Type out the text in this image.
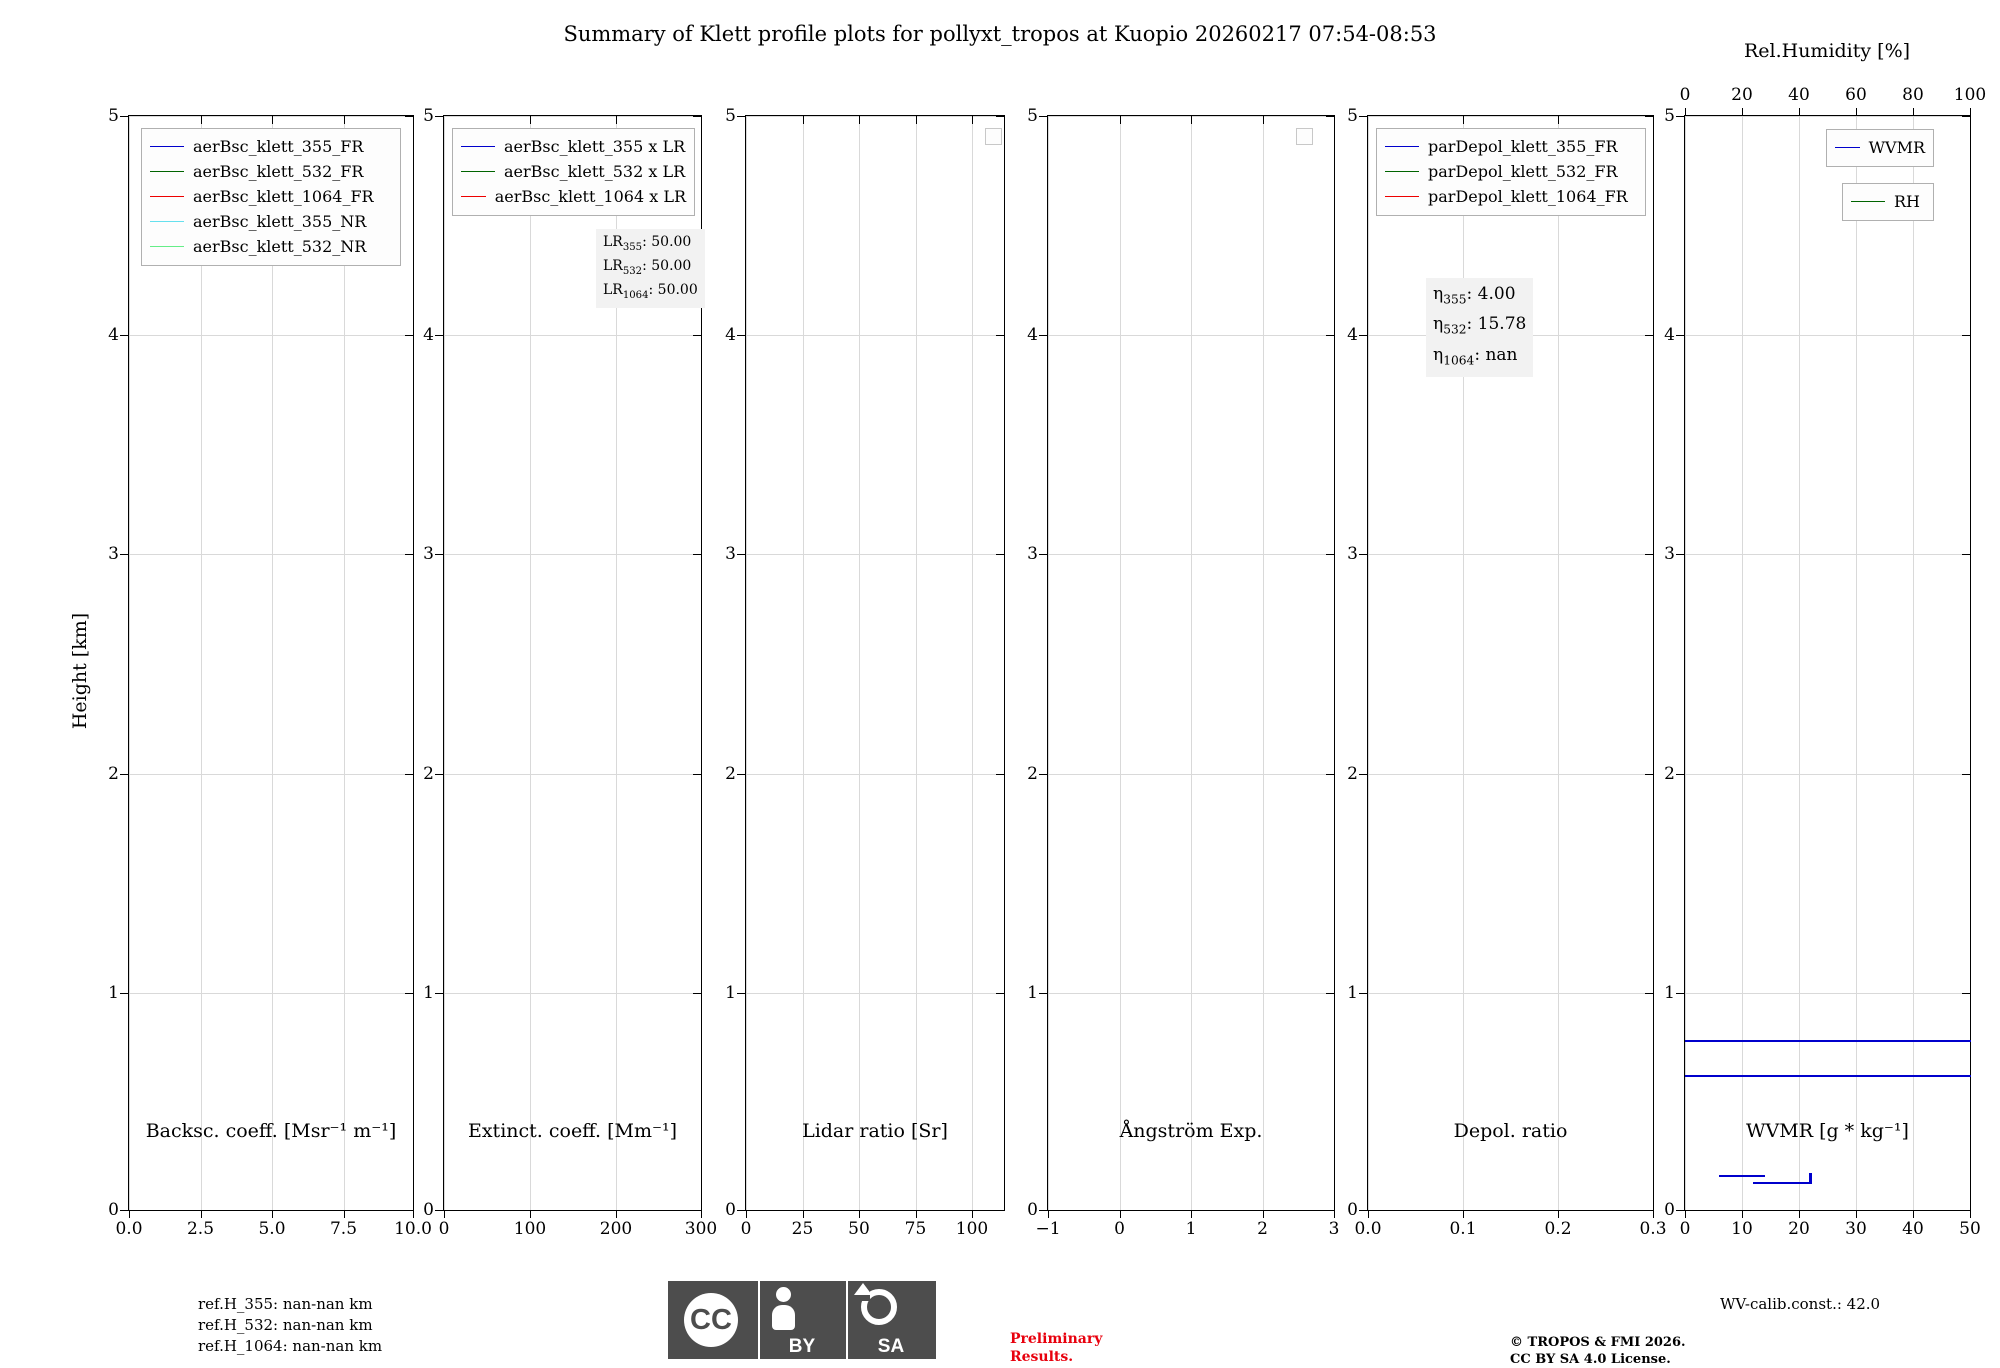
Summary of Klett profile plots for pollyxt_tropos at Kuopio 20260217 07:54-08:53
Height [km]
5
4
3
2
1
0
0.0	2.5	5.0	7.5 10.0
Backsc. coeff. [Msr⁻¹ m⁻¹]
aerBsc_klett_355_FR
aerBsc_klett_532_FR
aerBsc_klett_1064_FR
aerBsc_klett_355_NR
aerBsc_klett_532_NR
ref.H_355: nan-nan km
ref.H_532: nan-nan km
ref.H_1064: nan-nan km
5
4
3
2
1
0
0	100	200	300
Extinct. coeff. [Mm⁻¹]
aerBsc_klett_355 x LR
aerBsc_klett_532 x LR
aerBsc_klett_1064 x LR
$LR_{355}$: 50.00
$LR_{532}$: 50.00
$LR_{1064}$: 50.00
5
4
3
2
1
0
0 25 50 75 100
Lidar ratio [Sr]
5
4
3
2
1
0
−1	0	1	2	3
Ångström Exp.
5
4
3
2
1
0
0.0	0.1	0.2	0.3
Depol. ratio
parDepol_klett_355_FR
parDepol_klett_532_FR
parDepol_klett_1064_FR
$\eta_{355}$: 4.00
$\eta_{532}$: 15.78
$\eta_{1064}$: nan
5
4
3
2
1
0
0 10 20 30 40 50
0 20 40 60 80 100
WVMR [g * kg⁻¹]
Rel.Humidity [%]
WVMR
RH
WV-calib.const.: 42.0
CC
BY	SA	Preliminary
Results.
© TROPOS & FMI 2026.
CC BY SA 4.0 License.
